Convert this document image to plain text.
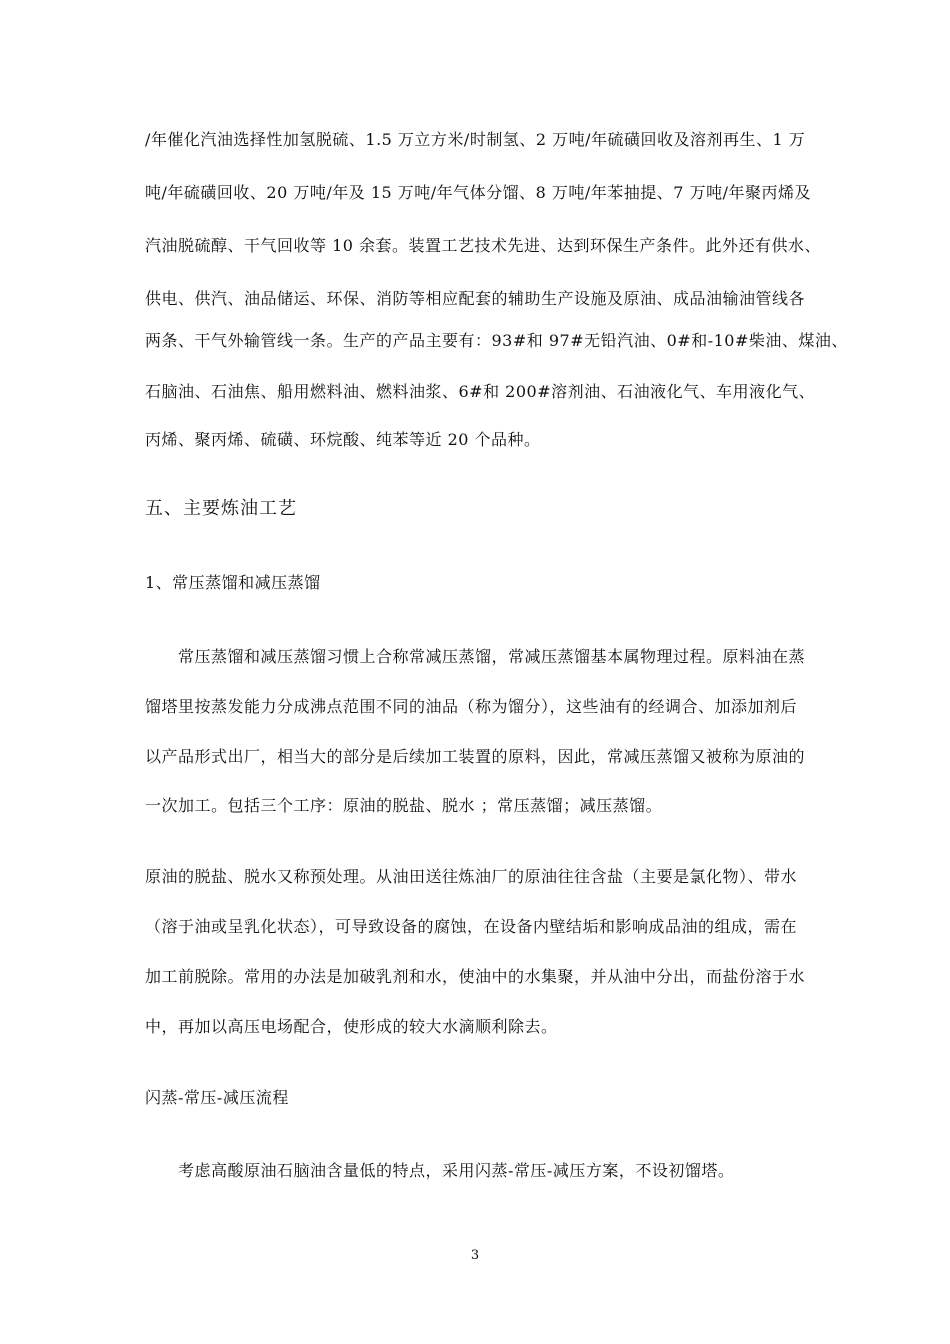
/年催化汽油选择性加氢脱硫、1.5 万立方米/时制氢、2 万吨/年硫磺回收及溶剂再生、1 万
吨/年硫磺回收、20 万吨/年及 15 万吨/年气体分馏、8 万吨/年苯抽提、7 万吨/年聚丙烯及
汽油脱硫醇、干气回收等 10 余套。装置工艺技术先进、达到环保生产条件。此外还有供水、
供电、供汽、油品储运、环保、消防等相应配套的辅助生产设施及原油、成品油输油管线各
两条、干气外输管线一条。生产的产品主要有：93#和 97#无铅汽油、0#和-10#柴油、煤油、
石脑油、石油焦、船用燃料油、燃料油浆、6#和 200#溶剂油、石油液化气、车用液化气、
丙烯、聚丙烯、硫磺、环烷酸、纯苯等近 20 个品种。
五、主要炼油工艺
1、常压蒸馏和减压蒸馏
常压蒸馏和减压蒸馏习惯上合称常减压蒸馏，常减压蒸馏基本属物理过程。原料油在蒸
馏塔里按蒸发能力分成沸点范围不同的油品（称为馏分），这些油有的经调合、加添加剂后
以产品形式出厂，相当大的部分是后续加工装置的原料，因此，常减压蒸馏又被称为原油的
一次加工。包括三个工序：原油的脱盐、脱水 ；常压蒸馏；减压蒸馏。
原油的脱盐、脱水又称预处理。从油田送往炼油厂的原油往往含盐（主要是氯化物）、带水
（溶于油或呈乳化状态），可导致设备的腐蚀，在设备内壁结垢和影响成品油的组成，需在
加工前脱除。常用的办法是加破乳剂和水，使油中的水集聚，并从油中分出，而盐份溶于水
中，再加以高压电场配合，使形成的较大水滴顺利除去。
闪蒸-常压-减压流程
考虑高酸原油石脑油含量低的特点，采用闪蒸-常压-减压方案，不设初馏塔。
3
